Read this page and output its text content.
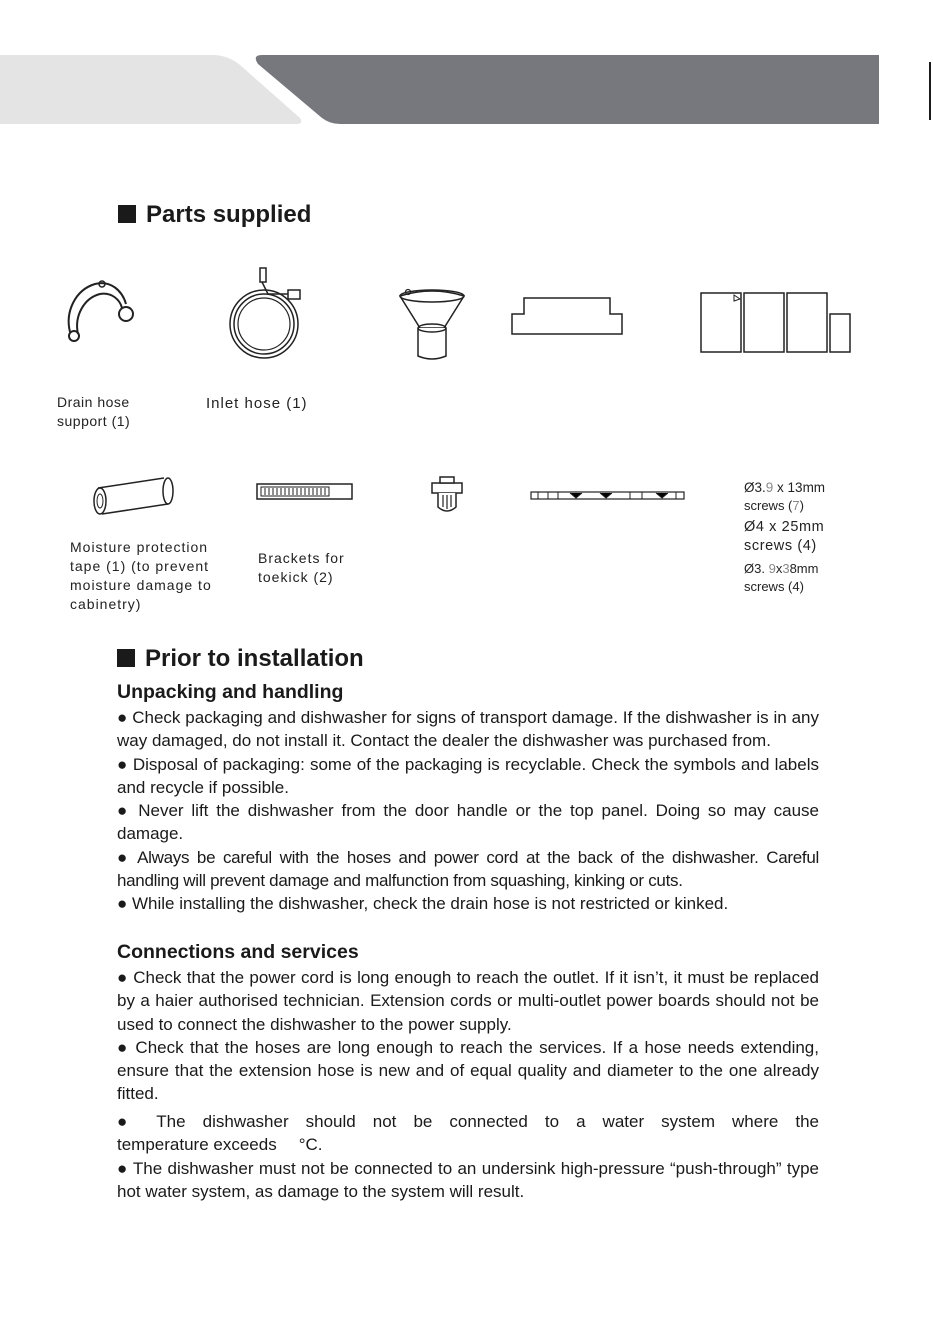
Parts supplied
Drain hose
support (1)
Inlet hose (1)
Moisture protection
tape (1) (to prevent
moisture damage to
cabinetry)
Brackets for
toekick (2)
Ø3.9 x 13mm
screws (7)
Ø4 x 25mm
screws (4)
Ø3. 9x38mm
screws (4)
Prior to installation
Unpacking and handling
● Check packaging and dishwasher for signs of transport damage. If the dishwasher is in any way damaged, do not install it. Contact the dealer the dishwasher was purchased from.
● Disposal of packaging: some of the packaging is recyclable. Check the symbols and labels and recycle if possible.
● Never lift the dishwasher from the door handle or the top panel. Doing so may cause damage.
● Always be careful with the hoses and power cord at the back of the dishwasher. Careful handling will prevent damage and malfunction from squashing, kinking or cuts.
● While installing the dishwasher, check the drain hose is not restricted or kinked.
Connections and services
● Check that the power cord is long enough to reach the outlet. If it isn’t, it must be replaced by a haier authorised technician. Extension cords or multi-outlet power boards should not be used to connect the dishwasher to the power supply.
● Check that the hoses are long enough to reach the services. If a hose needs extending, ensure that the extension hose is new and of equal quality and diameter to the one already fitted.
● The dishwasher should not be connected to a water system where the
temperature exceeds °C.
● The dishwasher must not be connected to an undersink high-pressure “push-through” type hot water system, as damage to the system will result.
